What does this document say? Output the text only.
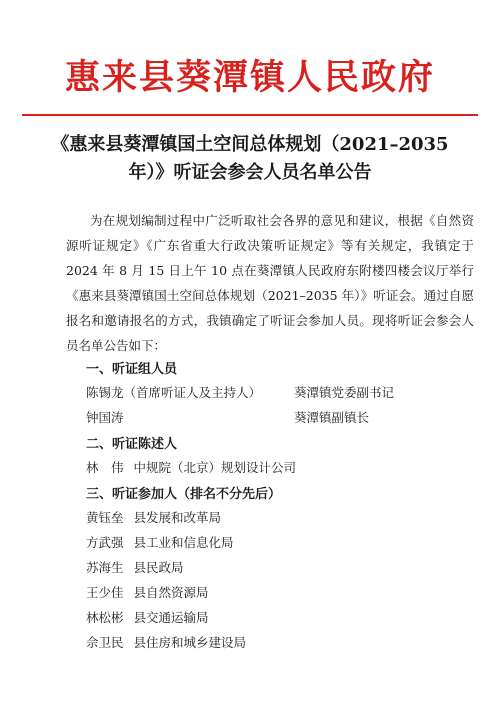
惠来县葵潭镇人民政府
《惠来县葵潭镇国土空间总体规划（2021–2035
年）》听证会参会人员名单公告
为在规划编制过程中广泛听取社会各界的意见和建议，根据《自然资源听证规定》《广东省重大行政决策听证规定》等有关规定，我镇定于 2024 年 8 月 15 日上午 10 点在葵潭镇人民政府东附楼四楼会议厅举行《惠来县葵潭镇国土空间总体规划（2021–2035 年）》听证会。通过自愿报名和邀请报名的方式，我镇确定了听证会参加人员。现将听证会参会人员名单公告如下：
一、听证组人员
陈锡龙（首席听证人及主持人）	葵潭镇党委副书记
钟国涛	葵潭镇副镇长
二、听证陈述人
林　伟 中规院（北京）规划设计公司
三、听证参加人（排名不分先后）
黄钰垒 县发展和改革局
方武强 县工业和信息化局
苏海生 县民政局
王少佳 县自然资源局
林松彬 县交通运输局
佘卫民 县住房和城乡建设局
